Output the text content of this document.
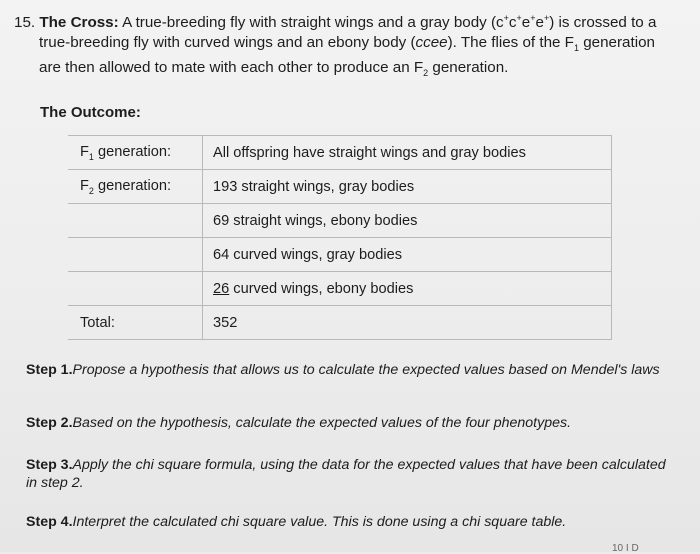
15. The Cross: A true-breeding fly with straight wings and a gray body (c+c+e+e+) is crossed to a true-breeding fly with curved wings and an ebony body (ccee). The flies of the $F_1$ generation are then allowed to mate with each other to produce an $F_2$ generation.

The Outcome:
$F_1$ generation:	All offspring have straight wings and gray bodies
$F_2$ generation:	193 straight wings, gray bodies
	69 straight wings, ebony bodies
	64 curved wings, gray bodies
	26 curved wings, ebony bodies
Total:	352
Step 1.Propose a hypothesis that allows us to calculate the expected values based on Mendel's laws
Step 2.Based on the hypothesis, calculate the expected values of the four phenotypes.
Step 3.Apply the chi square formula, using the data for the expected values that have been calculated in step 2.
Step 4.Interpret the calculated chi square value. This is done using a chi square table.
10 I D
